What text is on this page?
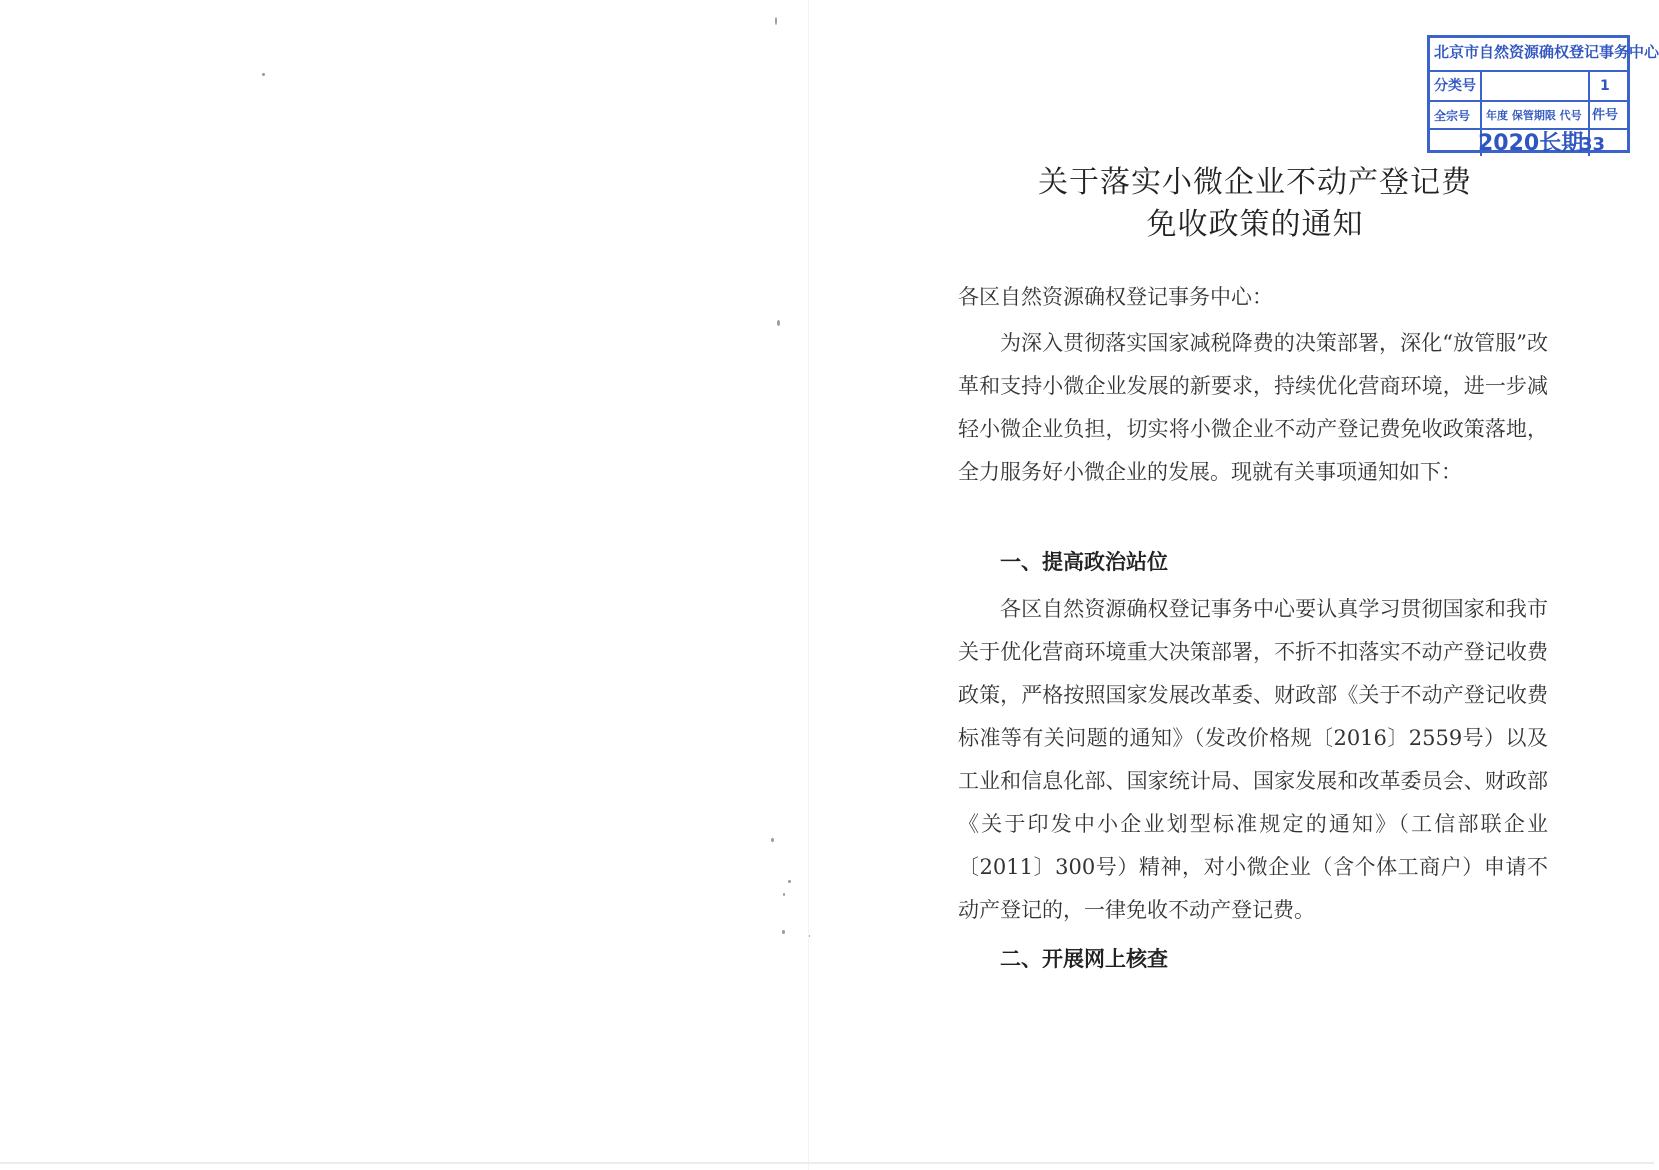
北京市自然资源确权登记事务中心
分类号	1
全宗号	年度 保管期限 代号 件号
2020长期
33
关于落实小微企业不动产登记费
免收政策的通知
各区自然资源确权登记事务中心：
为深入贯彻落实国家减税降费的决策部署，深化“放管服”改革和支持小微企业发展的新要求，持续优化营商环境，进一步减轻小微企业负担，切实将小微企业不动产登记费免收政策落地，全力服务好小微企业的发展。现就有关事项通知如下：
一、提高政治站位
各区自然资源确权登记事务中心要认真学习贯彻国家和我市关于优化营商环境重大决策部署，不折不扣落实不动产登记收费政策，严格按照国家发展改革委、财政部《关于不动产登记收费标准等有关问题的通知》（发改价格规〔2016〕2559号）以及工业和信息化部、国家统计局、国家发展和改革委员会、财政部《关于印发中小企业划型标准规定的通知》（工信部联企业〔2011〕300号）精神，对小微企业（含个体工商户）申请不动产登记的，一律免收不动产登记费。
二、开展网上核查
